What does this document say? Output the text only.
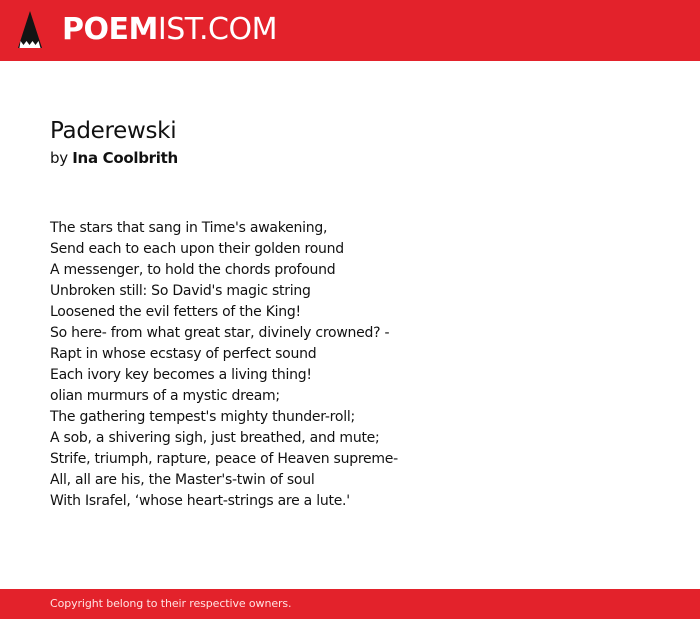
POEMIST.COM
Paderewski
by Ina Coolbrith
The stars that sang in Time's awakening,
Send each to each upon their golden round
A messenger, to hold the chords profound
Unbroken still: So David's magic string
Loosened the evil fetters of the King!
So here- from what great star, divinely crowned? -
Rapt in whose ecstasy of perfect sound
Each ivory key becomes a living thing!
olian murmurs of a mystic dream;
The gathering tempest's mighty thunder-roll;
A sob, a shivering sigh, just breathed, and mute;
Strife, triumph, rapture, peace of Heaven supreme-
All, all are his, the Master's-twin of soul
With Israfel, ‘whose heart-strings are a lute.'
Copyright belong to their respective owners.
